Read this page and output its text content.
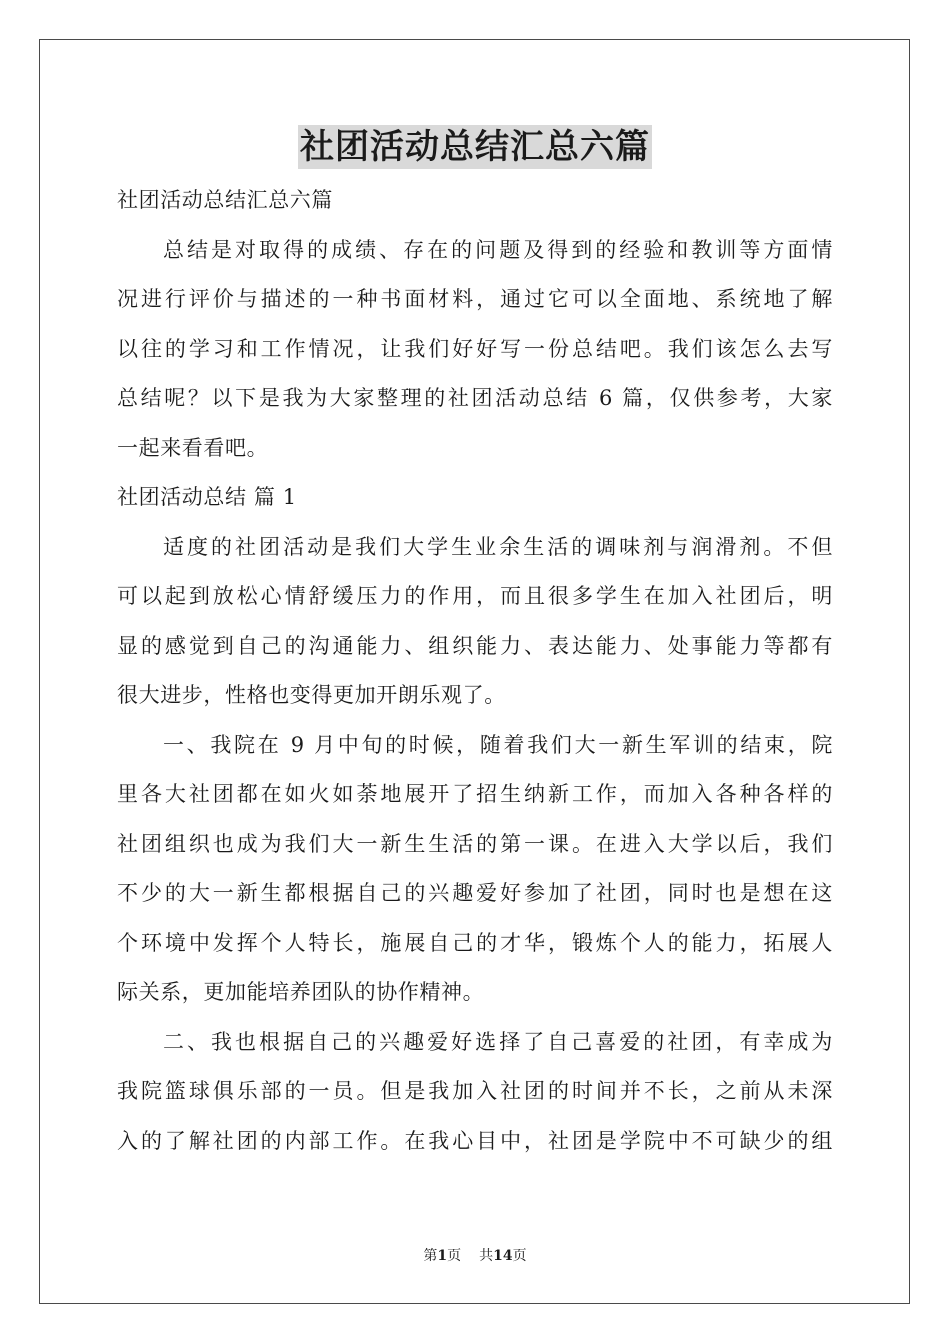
社团活动总结汇总六篇
社团活动总结汇总六篇
总结是对取得的成绩、存在的问题及得到的经验和教训等方面情
况进行评价与描述的一种书面材料，通过它可以全面地、系统地了解
以往的学习和工作情况，让我们好好写一份总结吧。我们该怎么去写
总结呢？以下是我为大家整理的社团活动总结 6 篇，仅供参考，大家
一起来看看吧。
社团活动总结 篇 1
适度的社团活动是我们大学生业余生活的调味剂与润滑剂。不但
可以起到放松心情舒缓压力的作用，而且很多学生在加入社团后，明
显的感觉到自己的沟通能力、组织能力、表达能力、处事能力等都有
很大进步，性格也变得更加开朗乐观了。
一、我院在 9 月中旬的时候，随着我们大一新生军训的结束，院
里各大社团都在如火如荼地展开了招生纳新工作，而加入各种各样的
社团组织也成为我们大一新生生活的第一课。在进入大学以后，我们
不少的大一新生都根据自己的兴趣爱好参加了社团，同时也是想在这
个环境中发挥个人特长，施展自己的才华，锻炼个人的能力，拓展人
际关系，更加能培养团队的协作精神。
二、我也根据自己的兴趣爱好选择了自己喜爱的社团，有幸成为
我院篮球俱乐部的一员。但是我加入社团的时间并不长，之前从未深
入的了解社团的内部工作。在我心目中，社团是学院中不可缺少的组

第1页 共14页
